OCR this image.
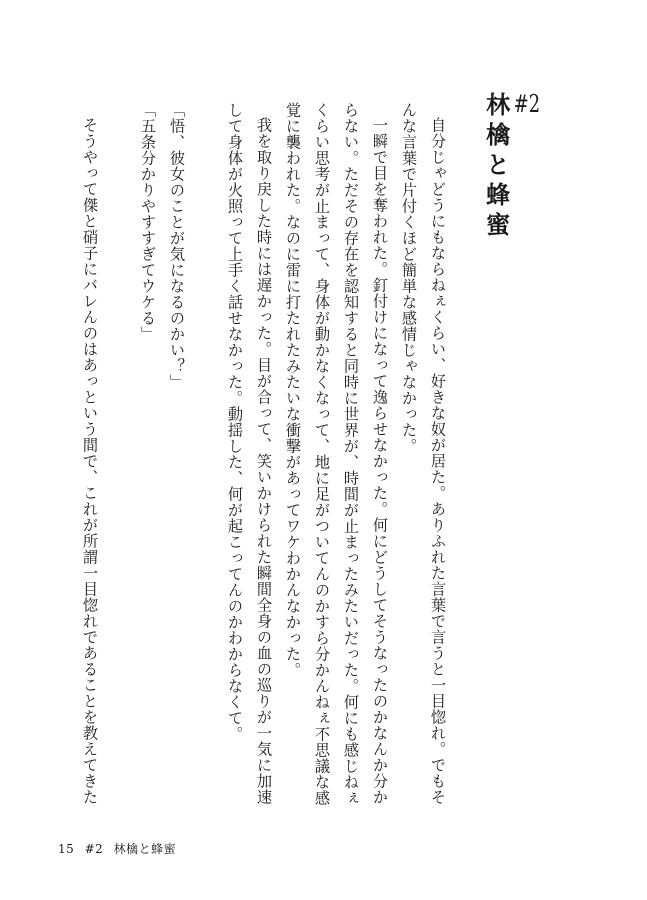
#2
林檎と蜂蜜
自分じゃどうにもならねぇくらい、好きな奴が居た。ありふれた言葉で言うと一目惚れ。でもそ
んな言葉で片付くほど簡単な感情じゃなかった。
一瞬で目を奪われた。釘付けになって逸らせなかった。何にどうしてそうなったのかなんか分か
らない。ただその存在を認知すると同時に世界が、時間が止まったみたいだった。何にも感じねぇ
くらい思考が止まって、身体が動かなくなって、地に足がついてんのかすら分かんねぇ不思議な感
覚に襲われた。なのに雷に打たれたみたいな衝撃があってワケわかんなかった。
我を取り戻した時には遅かった。目が合って、笑いかけられた瞬間全身の血の巡りが一気に加速
して身体が火照って上手く話せなかった。動揺した、何が起こってんのかわからなくて。
「悟、彼女のことが気になるのかい？」
「五条分かりやすすぎてウケる」
そうやって傑と硝子にバレんのはあっという間で、これが所謂一目惚れであることを教えてきた
15 #2 林檎と蜂蜜
